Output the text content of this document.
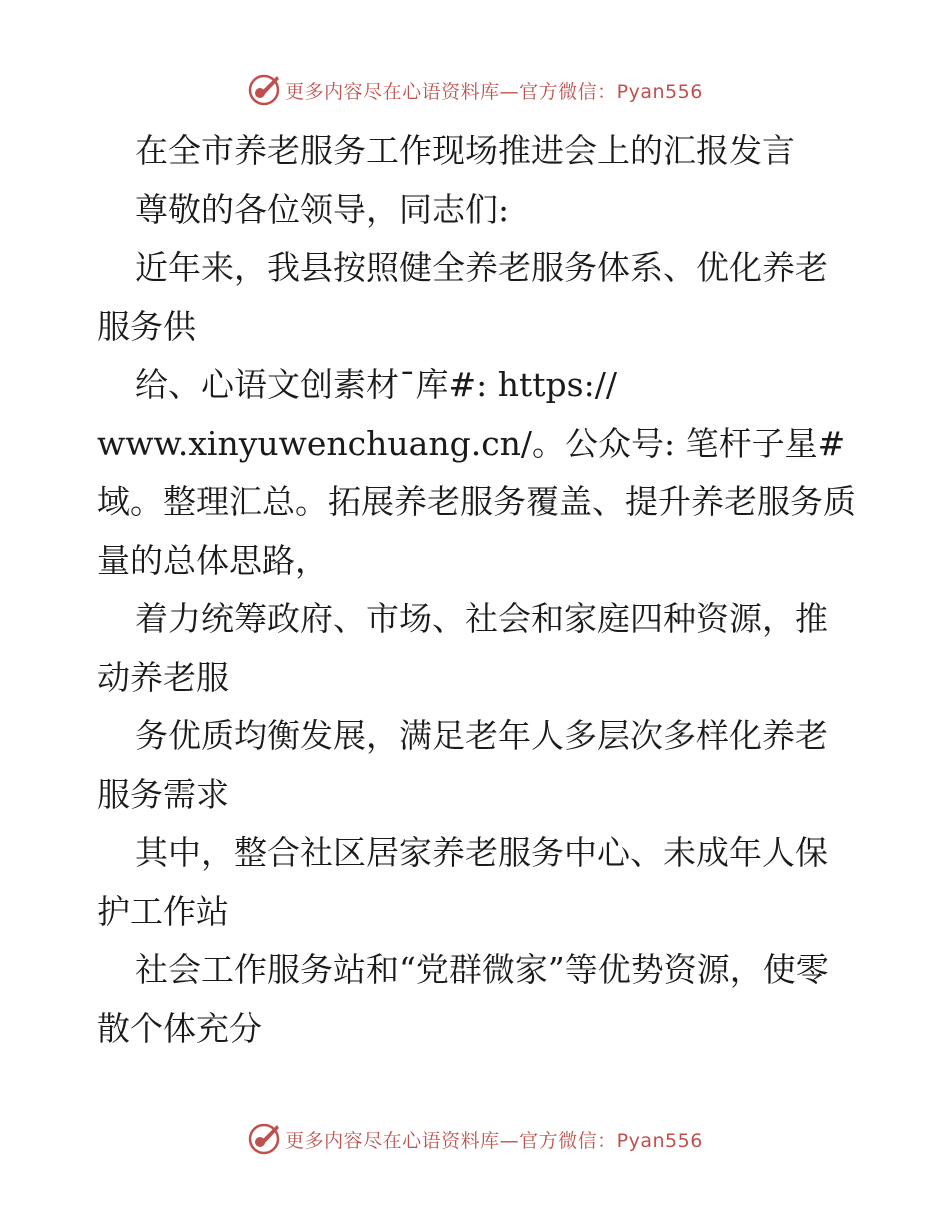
更多内容尽在心语资料库—官方微信：Pyan556

在全市养老服务工作现场推进会上的汇报发言

尊敬的各位领导，同志们:

近年来，我县按照健全养老服务体系、优化养老服务供

给、心语文创素材¯库#: https://

www.xinyuwenchuang.cn/。公众号: 笔杆子星#

域。整理汇总。拓展养老服务覆盖、提升养老服务质量的总体思路，

着力统筹政府、市场、社会和家庭四种资源，推动养老服

务优质均衡发展，满足老年人多层次多样化养老服务需求

其中，整合社区居家养老服务中心、未成年人保护工作站

社会工作服务站和“党群微家”等优势资源，使零散个体充分

更多内容尽在心语资料库—官方微信：Pyan556
